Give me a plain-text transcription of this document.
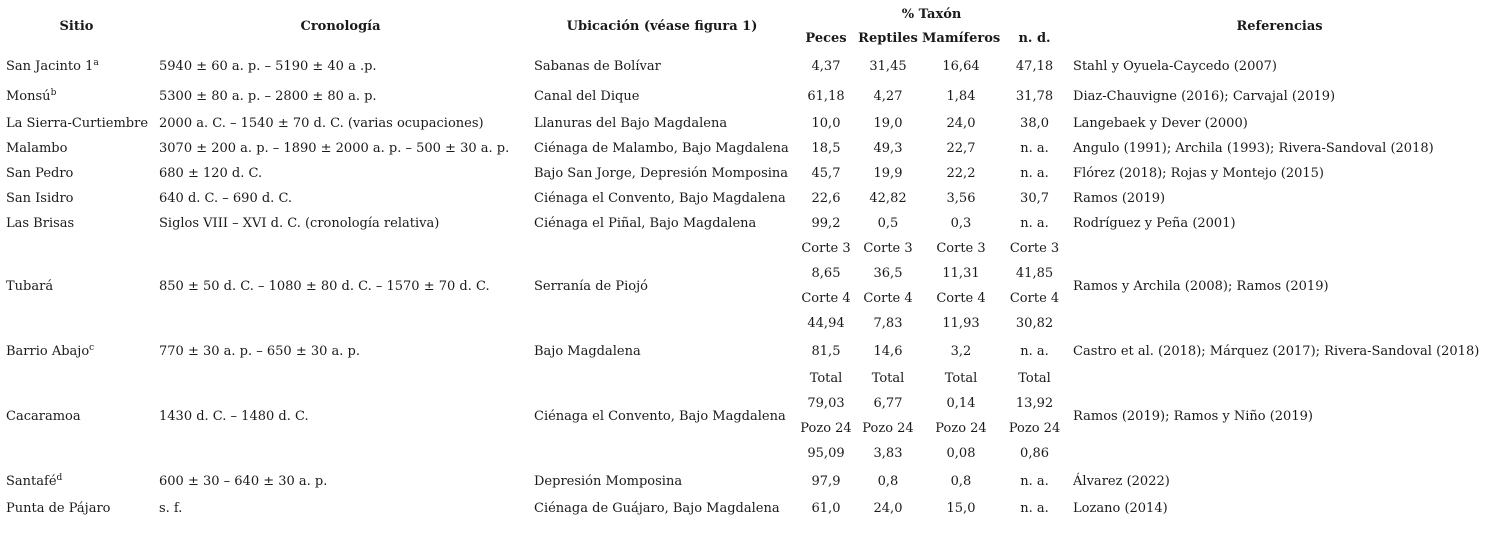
Sitio	Cronología	Ubicación (véase figura 1)	% Taxón				Referencias
			Peces	Reptiles	Mamíferos	n. d.	
San Jacinto 1$^a$	5940 ± 60 a. p. – 5190 ± 40 a .p.	Sabanas de Bolívar	4,37	31,45	16,64	47,18	Stahl y Oyuela-Caycedo (2007)
Monsú$^b$	5300 ± 80 a. p. – 2800 ± 80 a. p.	Canal del Dique	61,18	4,27	1,84	31,78	Diaz-Chauvigne (2016); Carvajal (2019)
La Sierra-Curtiembre	2000 a. C. – 1540 ± 70 d. C. (varias ocupaciones)	Llanuras del Bajo Magdalena	10,0	19,0	24,0	38,0	Langebaek y Dever (2000)
Malambo	3070 ± 200 a. p. – 1890 ± 2000 a. p. – 500 ± 30 a. p.	Ciénaga de Malambo, Bajo Magdalena	18,5	49,3	22,7	n. a.	Angulo (1991); Archila (1993); Rivera-Sandoval (2018)
San Pedro	680 ± 120 d. C.	Bajo San Jorge, Depresión Momposina	45,7	19,9	22,2	n. a.	Flórez (2018); Rojas y Montejo (2015)
San Isidro	640 d. C. – 690 d. C.	Ciénaga el Convento, Bajo Magdalena	22,6	42,82	3,56	30,7	Ramos (2019)
Las Brisas	Siglos VIII – XVI d. C. (cronología relativa)	Ciénaga el Piñal, Bajo Magdalena	99,2	0,5	0,3	n. a.	Rodríguez y Peña (2001)
Tubará	850 ± 50 d. C. – 1080 ± 80 d. C. – 1570 ± 70 d. C.	Serranía de Piojó	Corte 3	Corte 3	Corte 3	Corte 3	Ramos y Archila (2008); Ramos (2019)
			8,65	36,5	11,31	41,85	
			Corte 4	Corte 4	Corte 4	Corte 4	
			44,94	7,83	11,93	30,82	
Barrio Abajo$^c$	770 ± 30 a. p. – 650 ± 30 a. p.	Bajo Magdalena	81,5	14,6	3,2	n. a.	Castro et al. (2018); Márquez (2017); Rivera-Sandoval (2018)
Cacaramoa	1430 d. C. – 1480 d. C.	Ciénaga el Convento, Bajo Magdalena	Total	Total	Total	Total	Ramos (2019); Ramos y Niño (2019)
			79,03	6,77	0,14	13,92	
			Pozo 24	Pozo 24	Pozo 24	Pozo 24	
			95,09	3,83	0,08	0,86	
Santafé$^d$	600 ± 30 – 640 ± 30 a. p.	Depresión Momposina	97,9	0,8	0,8	n. a.	Álvarez (2022)
Punta de Pájaro	s. f.	Ciénaga de Guájaro, Bajo Magdalena	61,0	24,0	15,0	n. a.	Lozano (2014)
